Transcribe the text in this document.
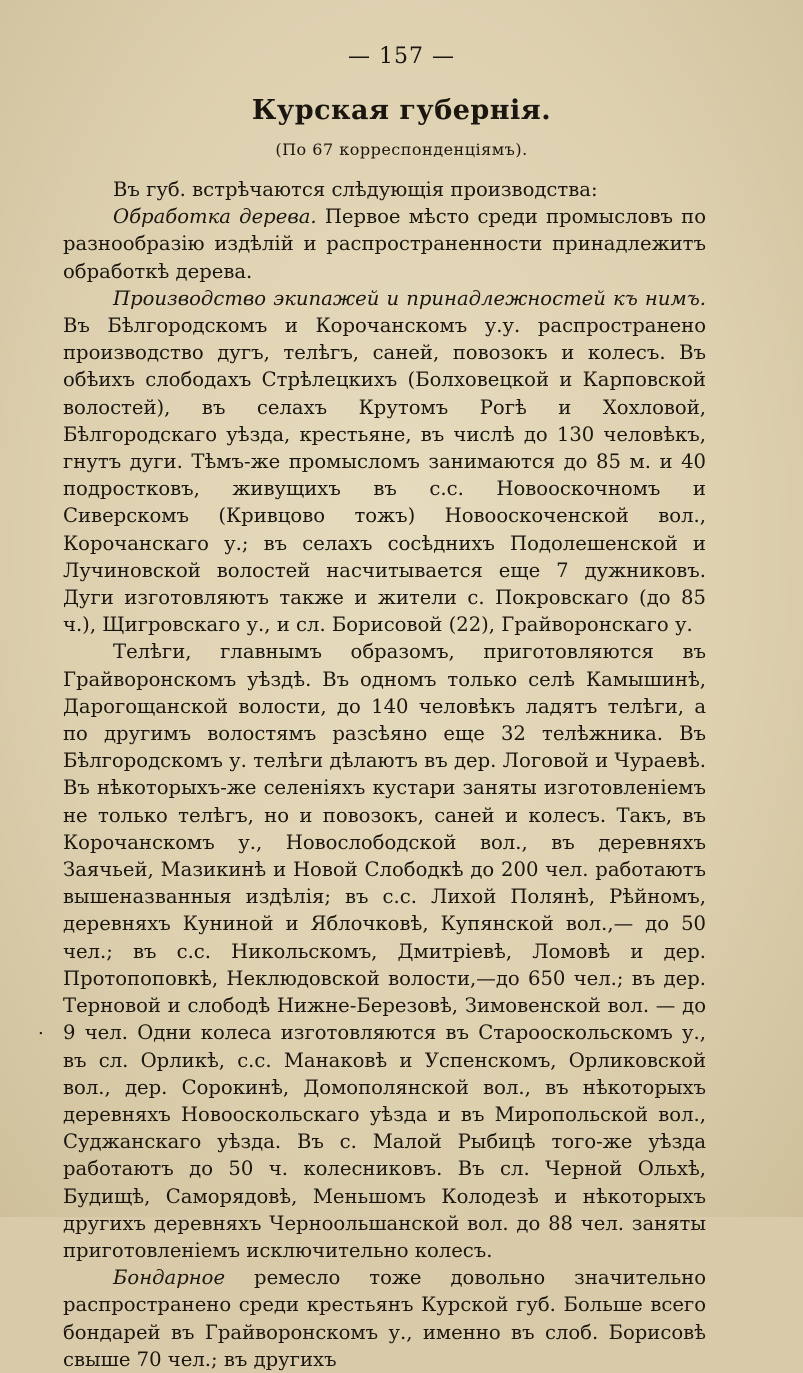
— 157 —
Курская губернія.
(По 67 корреспонденціямъ).

Въ губ. встрѣчаются слѣдующія производства:

Обработка дерева. Первое мѣсто среди промысловъ по разнообразію издѣлій и распространенности принадлежитъ обработкѣ дерева.

Производство экипажей и принадлежностей къ нимъ. Въ Бѣлгородскомъ и Корочанскомъ у.у. распространено производство дугъ, телѣгъ, саней, повозокъ и колесъ. Въ обѣихъ слободахъ Стрѣлецкихъ (Болховецкой и Карповской волостей), въ селахъ Крутомъ Рогѣ и Хохловой, Бѣлгородскаго уѣзда, крестьяне, въ числѣ до 130 человѣкъ, гнутъ дуги. Тѣмъ-же промысломъ занимаются до 85 м. и 40 подростковъ, живущихъ въ с.с. Новооскочномъ и Сиверскомъ (Кривцово тожъ) Новооскоченской вол., Корочанскаго у.; въ селахъ сосѣднихъ Подолешенской и Лучиновской волостей насчитывается еще 7 дужниковъ. Дуги изготовляютъ также и жители с. Покровскаго (до 85 ч.), Щигровскаго у., и сл. Борисовой (22), Грайворонскаго у.

Телѣги, главнымъ образомъ, приготовляются въ Грайворонскомъ уѣздѣ. Въ одномъ только селѣ Камышинѣ, Дарогощанской волости, до 140 человѣкъ ладятъ телѣги, а по другимъ волостямъ разсѣяно еще 32 телѣжника. Въ Бѣлгородскомъ у. телѣги дѣлаютъ въ дер. Логовой и Чураевѣ. Въ нѣкоторыхъ-же селеніяхъ кустари заняты изготовленіемъ не только телѣгъ, но и повозокъ, саней и колесъ. Такъ, въ Корочанскомъ у., Новослободской вол., въ деревняхъ Заячьей, Мазикинѣ и Новой Слободкѣ до 200 чел. работаютъ вышеназванныя издѣлія; въ с.с. Лихой Полянѣ, Рѣйномъ, деревняхъ Куниной и Яблочковѣ, Купянской вол.,— до 50 чел.; въ с.с. Никольскомъ, Дмитріевѣ, Ломовѣ и дер. Протопоповкѣ, Неклюдовской волости,—до 650 чел.; въ дер. Терновой и слободѣ Нижне-Березовѣ, Зимовенской вол. — до 9 чел. Одни колеса изготовляются въ Старооскольскомъ у., въ сл. Орликѣ, с.с. Манаковѣ и Успенскомъ, Орликовской вол., дер. Сорокинѣ, Домополянской вол., въ нѣкоторыхъ деревняхъ Новооскольскаго уѣзда и въ Миропольской вол., Суджанскаго уѣзда. Въ с. Малой Рыбицѣ того-же уѣзда работаютъ до 50 ч. колесниковъ. Въ сл. Черной Ольхѣ, Будищѣ, Саморядовѣ, Меньшомъ Колодезѣ и нѣкоторыхъ другихъ деревняхъ Черноольшанской вол. до 88 чел. заняты приготовленіемъ исключительно колесъ.

Бондарное ремесло тоже довольно значительно распространено среди крестьянъ Курской губ. Больше всего бондарей въ Грайворонскомъ у., именно въ слоб. Борисовѣ свыше 70 чел.; въ другихъ

.
